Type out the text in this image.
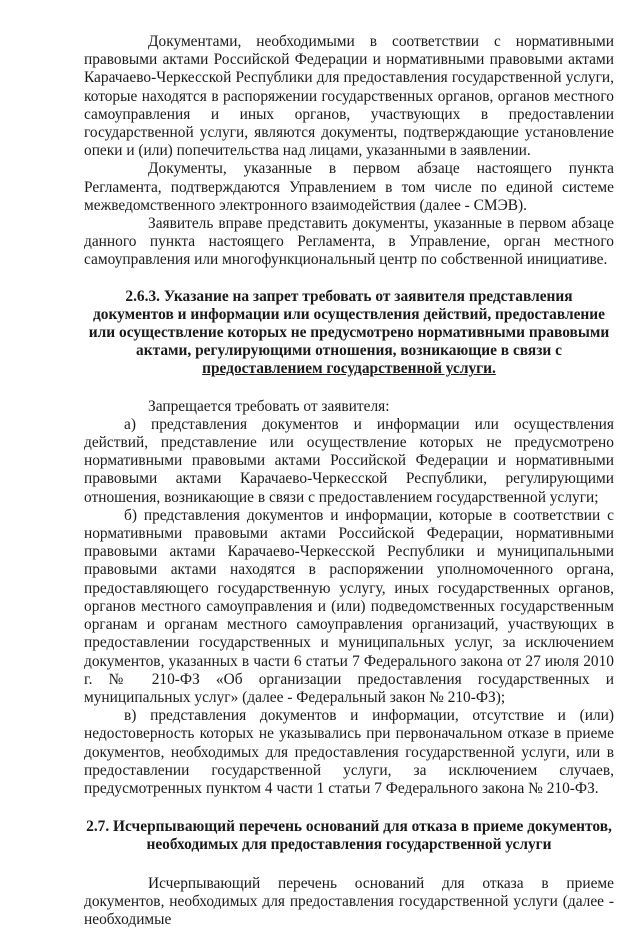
Документами, необходимыми в соответствии с нормативными правовыми актами Российской Федерации и нормативными правовыми актами Карачаево-Черкесской Республики для предоставления государственной услуги, которые находятся в распоряжении государственных органов, органов местного самоуправления и иных органов, участвующих в предоставлении государственной услуги, являются документы, подтверждающие установление опеки и (или) попечительства над лицами, указанными в заявлении.

Документы, указанные в первом абзаце настоящего пункта Регламента, подтверждаются Управлением в том числе по единой системе межведомственного электронного взаимодействия (далее - СМЭВ).

Заявитель вправе представить документы, указанные в первом абзаце данного пункта настоящего Регламента, в Управление, орган местного самоуправления или многофункциональный центр по собственной инициативе.

2.6.3. Указание на запрет требовать от заявителя представления документов и информации или осуществления действий, предоставление или осуществление которых не предусмотрено нормативными правовыми актами, регулирующими отношения, возникающие в связи с предоставлением государственной услуги.

Запрещается требовать от заявителя:

а) представления документов и информации или осуществления действий, представление или осуществление которых не предусмотрено нормативными правовыми актами Российской Федерации и нормативными правовыми актами Карачаево-Черкесской Республики, регулирующими отношения, возникающие в связи с предоставлением государственной услуги;

б) представления документов и информации, которые в соответствии с нормативными правовыми актами Российской Федерации, нормативными правовыми актами Карачаево-Черкесской Республики и муниципальными правовыми актами находятся в распоряжении уполномоченного органа, предоставляющего государственную услугу, иных государственных органов, органов местного самоуправления и (или) подведомственных государственным органам и органам местного самоуправления организаций, участвующих в предоставлении государственных и муниципальных услуг, за исключением документов, указанных в части 6 статьи 7 Федерального закона от 27 июля 2010 г. № 210-ФЗ «Об организации предоставления государственных и муниципальных услуг» (далее - Федеральный закон № 210-ФЗ);

в) представления документов и информации, отсутствие и (или) недостоверность которых не указывались при первоначальном отказе в приеме документов, необходимых для предоставления государственной услуги, или в предоставлении государственной услуги, за исключением случаев, предусмотренных пунктом 4 части 1 статьи 7 Федерального закона № 210-ФЗ.

2.7. Исчерпывающий перечень оснований для отказа в приеме документов, необходимых для предоставления государственной услуги

Исчерпывающий перечень оснований для отказа в приеме документов, необходимых для предоставления государственной услуги (далее - необходимые
